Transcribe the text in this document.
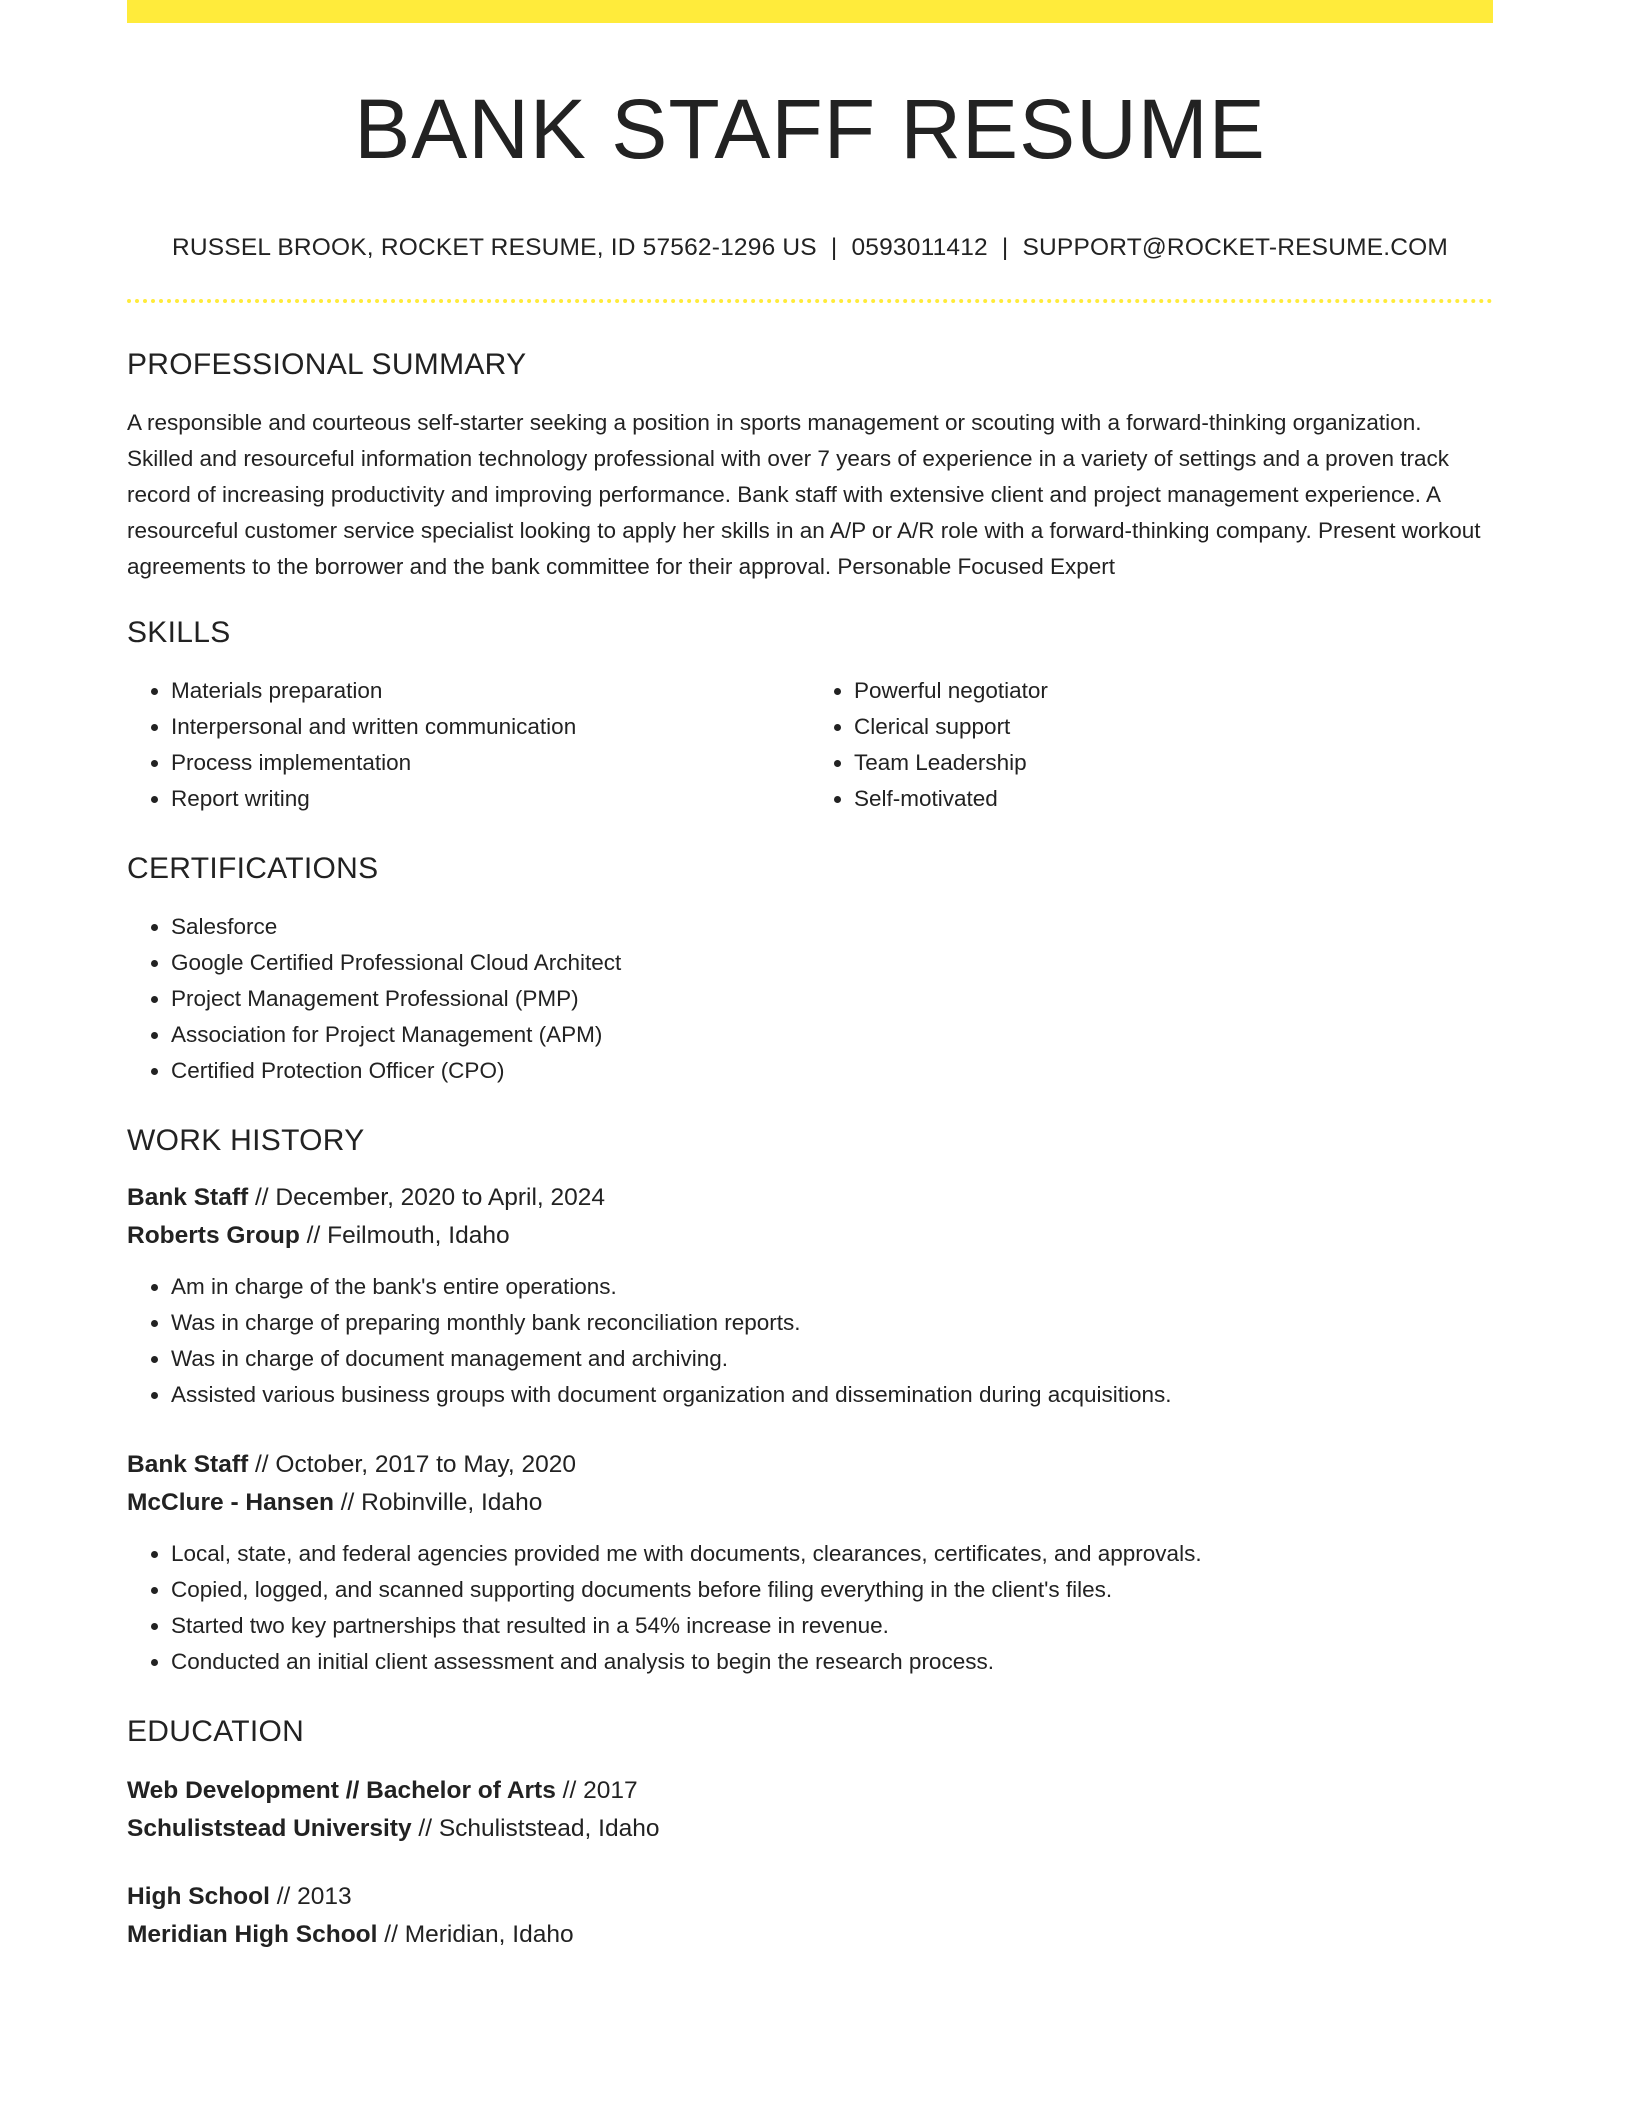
BANK STAFF RESUME
RUSSEL BROOK, ROCKET RESUME, ID 57562-1296 US | 0593011412 | SUPPORT@ROCKET-RESUME.COM
PROFESSIONAL SUMMARY
A responsible and courteous self-starter seeking a position in sports management or scouting with a forward-thinking organization. Skilled and resourceful information technology professional with over 7 years of experience in a variety of settings and a proven track record of increasing productivity and improving performance. Bank staff with extensive client and project management experience. A resourceful customer service specialist looking to apply her skills in an A/P or A/R role with a forward-thinking company. Present workout agreements to the borrower and the bank committee for their approval. Personable Focused Expert
SKILLS
• Materials preparation
• Interpersonal and written communication
• Process implementation
• Report writing
• Powerful negotiator
• Clerical support
• Team Leadership
• Self-motivated
CERTIFICATIONS
• Salesforce
• Google Certified Professional Cloud Architect
• Project Management Professional (PMP)
• Association for Project Management (APM)
• Certified Protection Officer (CPO)
WORK HISTORY
Bank Staff // December, 2020 to April, 2024
Roberts Group // Feilmouth, Idaho
• Am in charge of the bank's entire operations.
• Was in charge of preparing monthly bank reconciliation reports.
• Was in charge of document management and archiving.
• Assisted various business groups with document organization and dissemination during acquisitions.
Bank Staff // October, 2017 to May, 2020
McClure - Hansen // Robinville, Idaho
• Local, state, and federal agencies provided me with documents, clearances, certificates, and approvals.
• Copied, logged, and scanned supporting documents before filing everything in the client's files.
• Started two key partnerships that resulted in a 54% increase in revenue.
• Conducted an initial client assessment and analysis to begin the research process.
EDUCATION
Web Development // Bachelor of Arts // 2017
Schuliststead University // Schuliststead, Idaho
High School // 2013
Meridian High School // Meridian, Idaho
